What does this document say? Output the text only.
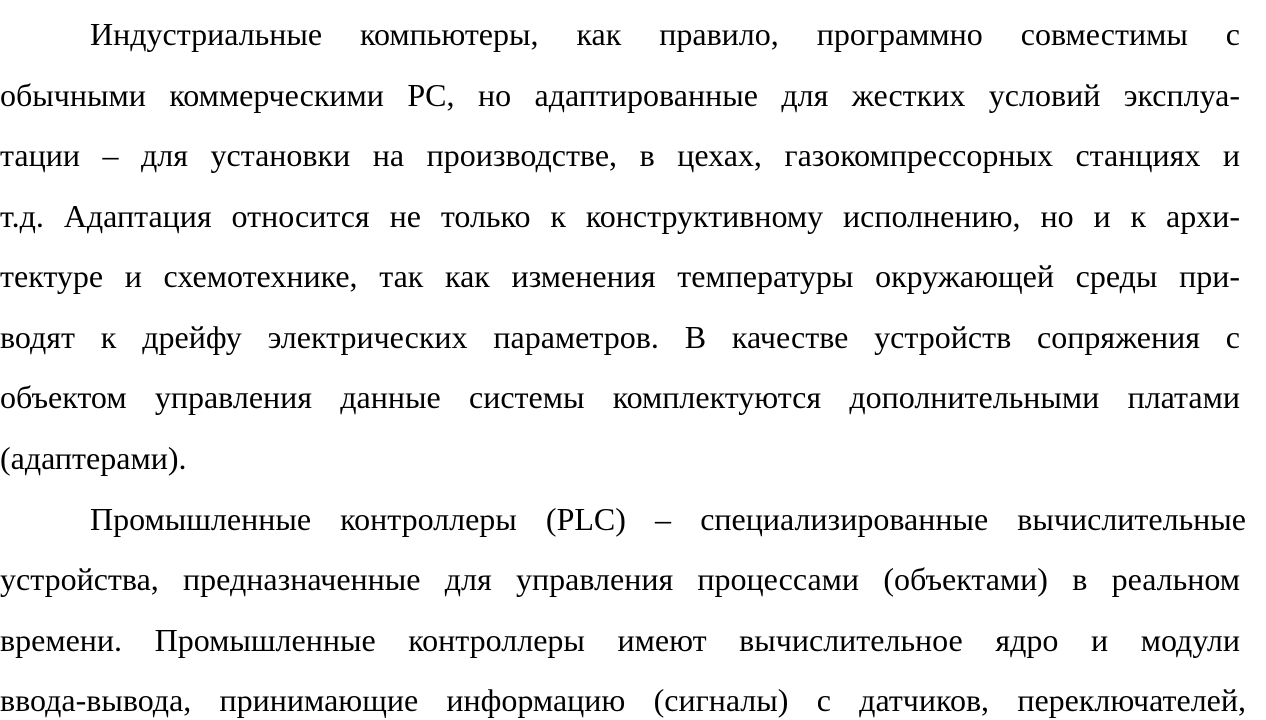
Индустриальные компьютеры, как правило, программно совместимы с
обычными коммерческими PC, но адаптированные для жестких условий эксплуа-
тации – для установки на производстве, в цехах, газокомпрессорных станциях и
т.д. Адаптация относится не только к конструктивному исполнению, но и к архи-
тектуре и схемотехнике, так как изменения температуры окружающей среды при-
водят к дрейфу электрических параметров. В качестве устройств сопряжения с
объектом управления данные системы комплектуются дополнительными платами
(адаптерами).
Промышленные контроллеры (PLC) – специализированные вычислительные
устройства, предназначенные для управления процессами (объектами) в реальном
времени. Промышленные контроллеры имеют вычислительное ядро и модули
ввода-вывода, принимающие информацию (сигналы) с датчиков, переключателей,
